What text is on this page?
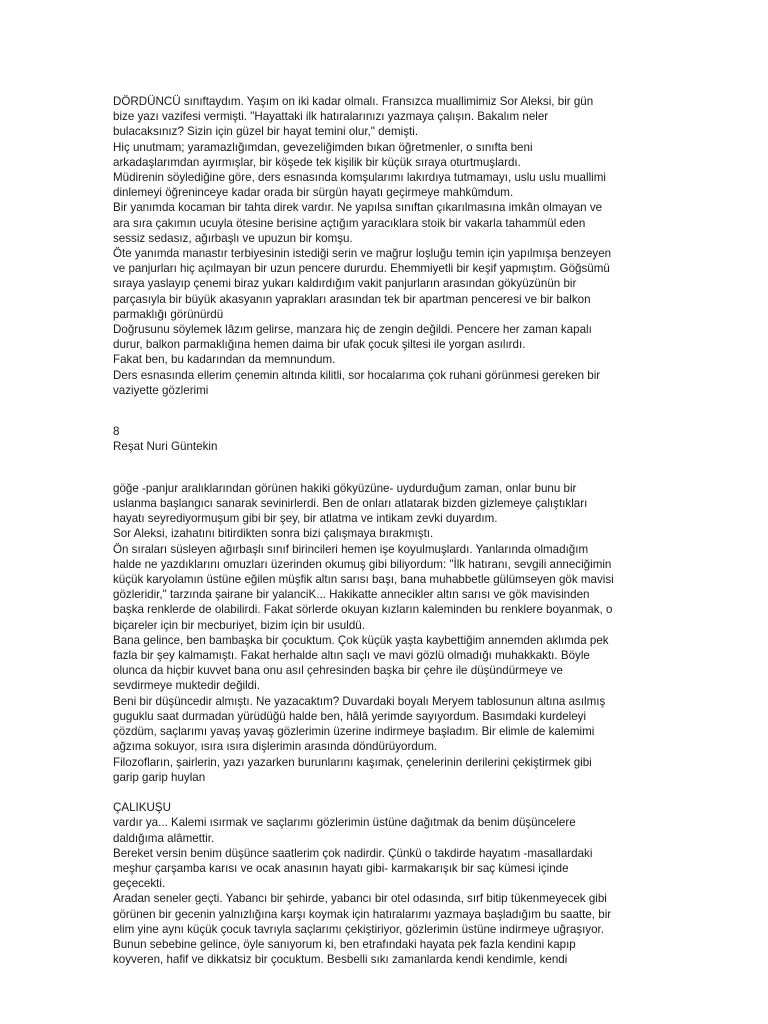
DÖRDÜNCÜ sınıftaydım. Yaşım on iki kadar olmalı. Fransızca muallimimiz Sor Aleksi, bir gün
bize yazı vazifesi vermişti. "Hayattaki ilk hatıralarınızı yazmaya çalışın. Bakalım neler
bulacaksınız? Sizin için güzel bir hayat temini olur," demişti.
Hiç unutmam; yaramazlığımdan, gevezeliğimden bıkan öğretmenler, o sınıfta beni
arkadaşlarımdan ayırmışlar, bir köşede tek kişilik bir küçük sıraya oturtmuşlardı.
Müdirenin söylediğine göre, ders esnasında komşularımı lakırdıya tutmamayı, uslu uslu muallimi
dinlemeyi öğreninceye kadar orada bir sürgün hayatı geçirmeye mahkûmdum.
Bir yanımda kocaman bir tahta direk vardır. Ne yapılsa sınıftan çıkarılmasına imkân olmayan ve
ara sıra çakımın ucuyla ötesine berisine açtığım yaracıklara stoik bir vakarla tahammül eden
sessiz sedasız, ağırbaşlı ve upuzun bir komşu.
Öte yanımda manastır terbiyesinin istediği serin ve mağrur loşluğu temin için yapılmışa benzeyen
ve panjurları hiç açılmayan bir uzun pencere dururdu. Ehemmiyetli bir keşif yapmıştım. Göğsümü
sıraya yaslayıp çenemi biraz yukarı kaldırdığım vakit panjurların arasından gökyüzünün bir
parçasıyla bir büyük akasyanın yaprakları arasından tek bir apartman penceresi ve bir balkon
parmaklığı görünürdü
Doğrusunu söylemek lâzım gelirse, manzara hiç de zengin değildi. Pencere her zaman kapalı
durur, balkon parmaklığına hemen daima bir ufak çocuk şiltesi ile yorgan asılırdı.
Fakat ben, bu kadarından da memnundum.
Ders esnasında ellerim çenemin altında kilitli, sor hocalarıma çok ruhani görünmesi gereken bir
vaziyette gözlerimi
8
Reşat Nuri Güntekin
göğe -panjur aralıklarından görünen hakiki gökyüzüne- uydurduğum zaman, onlar bunu bir
uslanma başlangıcı sanarak sevinirlerdi. Ben de onları atlatarak bizden gizlemeye çalıştıkları
hayatı seyrediyormuşum gibi bir şey, bir atlatma ve intikam zevki duyardım.
Sor Aleksi, izahatını bitirdikten sonra bizi çalışmaya bırakmıştı.
Ön sıraları süsleyen ağırbaşlı sınıf birincileri hemen işe koyulmuşlardı. Yanlarında olmadığım
halde ne yazdıklarını omuzları üzerinden okumuş gibi biliyordum: "İlk hatıranı, sevgili anneciğimin
küçük karyolamın üstüne eğilen müşfik altın sarısı başı, bana muhabbetle gülümseyen gök mavisi
gözleridir," tarzında şairane bir yalanciK... Hakikatte annecikler altın sarısı ve gök mavisinden
başka renklerde de olabilirdi. Fakat sörlerde okuyan kızların kaleminden bu renklere boyanmak, o
biçareler için bir mecburiyet, bizim için bir usuldü.
Bana gelince, ben bambaşka bir çocuktum. Çok küçük yaşta kaybettiğim annemden aklımda pek
fazla bir şey kalmamıştı. Fakat herhalde altın saçlı ve mavi gözlü olmadığı muhakkaktı. Böyle
olunca da hiçbir kuvvet bana onu asıl çehresinden başka bir çehre ile düşündürmeye ve
sevdirmeye muktedir değildi.
Beni bir düşüncedir almıştı. Ne yazacaktım? Duvardaki boyalı Meryem tablosunun altına asılmış
guguklu saat durmadan yürüdüğü halde ben, hâlâ yerimde sayıyordum. Basımdaki kurdeleyi
çözdüm, saçlarımı yavaş yavaş gözlerimin üzerine indirmeye başladım. Bir elimle de kalemimi
ağzıma sokuyor, ısıra ısıra dişlerimin arasında döndürüyordum.
Filozofların, şairlerin, yazı yazarken burunlarını kaşımak, çenelerinin derilerini çekiştirmek gibi
garip garip huylan
ÇALIKUŞU
vardır ya... Kalemi ısırmak ve saçlarımı gözlerimin üstüne dağıtmak da benim düşüncelere
daldığıma alâmettir.
Bereket versin benim düşünce saatlerim çok nadirdir. Çünkü o takdirde hayatım -masallardaki
meşhur çarşamba karısı ve ocak anasının hayatı gibi- karmakarışık bir saç kümesi içinde
geçecekti.
Aradan seneler geçti. Yabancı bir şehirde, yabancı bir otel odasında, sırf bitip tükenmeyecek gibi
görünen bir gecenin yalnızlığına karşı koymak için hatıralarımı yazmaya başladığım bu saatte, bir
elim yine aynı küçük çocuk tavrıyla saçlarımı çekiştiriyor, gözlerimin üstüne indirmeye uğraşıyor.
Bunun sebebine gelince, öyle sanıyorum ki, ben etrafındaki hayata pek fazla kendini kapıp
koyveren, hafif ve dikkatsiz bir çocuktum. Besbelli sıkı zamanlarda kendi kendimle, kendi
